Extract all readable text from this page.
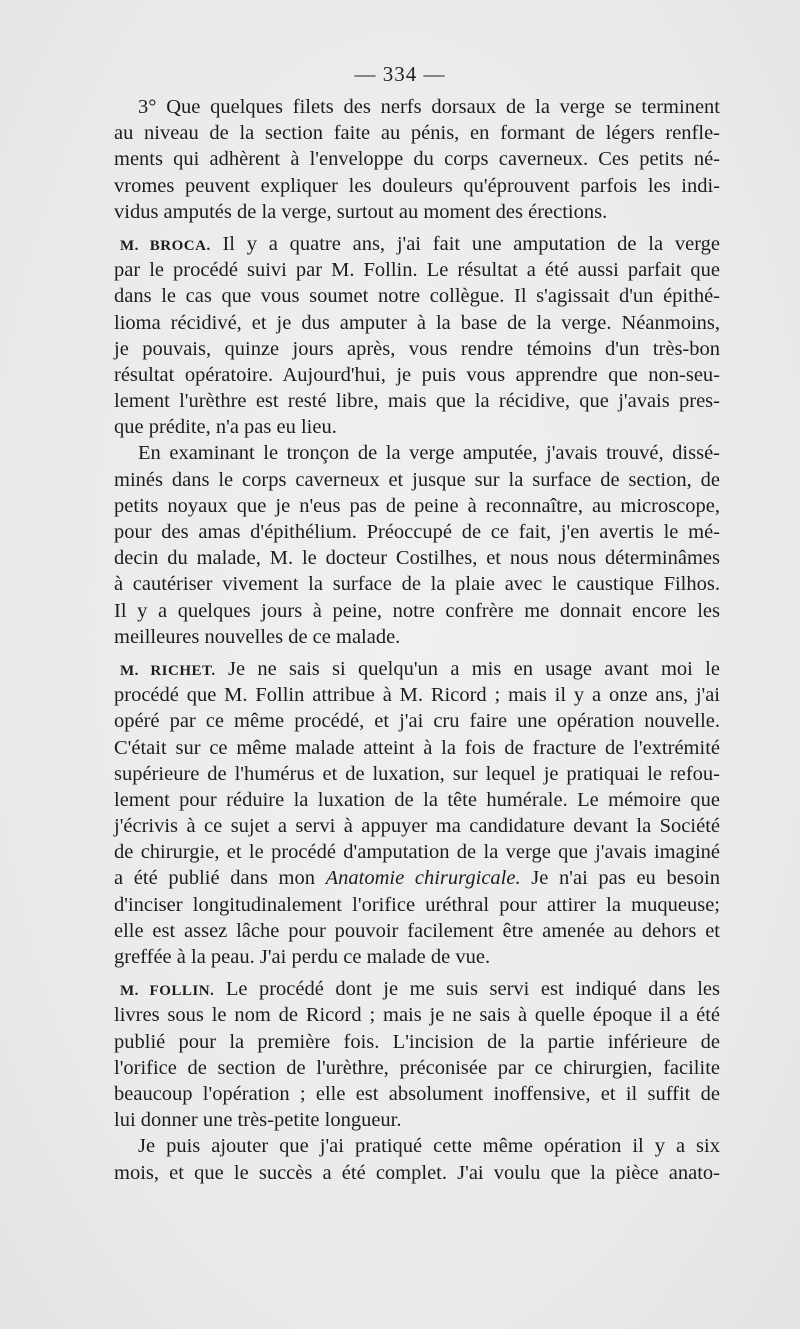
— 334 —
3° Que quelques filets des nerfs dorsaux de la verge se terminent
au niveau de la section faite au pénis, en formant de légers renfle-
ments qui adhèrent à l'enveloppe du corps caverneux. Ces petits né-
vromes peuvent expliquer les douleurs qu'éprouvent parfois les indi-
vidus amputés de la verge, surtout au moment des érections.
M. BROCA. Il y a quatre ans, j'ai fait une amputation de la verge
par le procédé suivi par M. Follin. Le résultat a été aussi parfait que
dans le cas que vous soumet notre collègue. Il s'agissait d'un épithé-
lioma récidivé, et je dus amputer à la base de la verge. Néanmoins,
je pouvais, quinze jours après, vous rendre témoins d'un très-bon
résultat opératoire. Aujourd'hui, je puis vous apprendre que non-seu-
lement l'urèthre est resté libre, mais que la récidive, que j'avais pres-
que prédite, n'a pas eu lieu.
En examinant le tronçon de la verge amputée, j'avais trouvé, dissé-
minés dans le corps caverneux et jusque sur la surface de section, de
petits noyaux que je n'eus pas de peine à reconnaître, au microscope,
pour des amas d'épithélium. Préoccupé de ce fait, j'en avertis le mé-
decin du malade, M. le docteur Costilhes, et nous nous déterminâmes
à cautériser vivement la surface de la plaie avec le caustique Filhos.
Il y a quelques jours à peine, notre confrère me donnait encore les
meilleures nouvelles de ce malade.
M. RICHET. Je ne sais si quelqu'un a mis en usage avant moi le
procédé que M. Follin attribue à M. Ricord ; mais il y a onze ans, j'ai
opéré par ce même procédé, et j'ai cru faire une opération nouvelle.
C'était sur ce même malade atteint à la fois de fracture de l'extrémité
supérieure de l'humérus et de luxation, sur lequel je pratiquai le refou-
lement pour réduire la luxation de la tête humérale. Le mémoire que
j'écrivis à ce sujet a servi à appuyer ma candidature devant la Société
de chirurgie, et le procédé d'amputation de la verge que j'avais imaginé
a été publié dans mon Anatomie chirurgicale. Je n'ai pas eu besoin
d'inciser longitudinalement l'orifice uréthral pour attirer la muqueuse;
elle est assez lâche pour pouvoir facilement être amenée au dehors et
greffée à la peau. J'ai perdu ce malade de vue.
M. FOLLIN. Le procédé dont je me suis servi est indiqué dans les
livres sous le nom de Ricord ; mais je ne sais à quelle époque il a été
publié pour la première fois. L'incision de la partie inférieure de
l'orifice de section de l'urèthre, préconisée par ce chirurgien, facilite
beaucoup l'opération ; elle est absolument inoffensive, et il suffit de
lui donner une très-petite longueur.
Je puis ajouter que j'ai pratiqué cette même opération il y a six
mois, et que le succès a été complet. J'ai voulu que la pièce anato-
